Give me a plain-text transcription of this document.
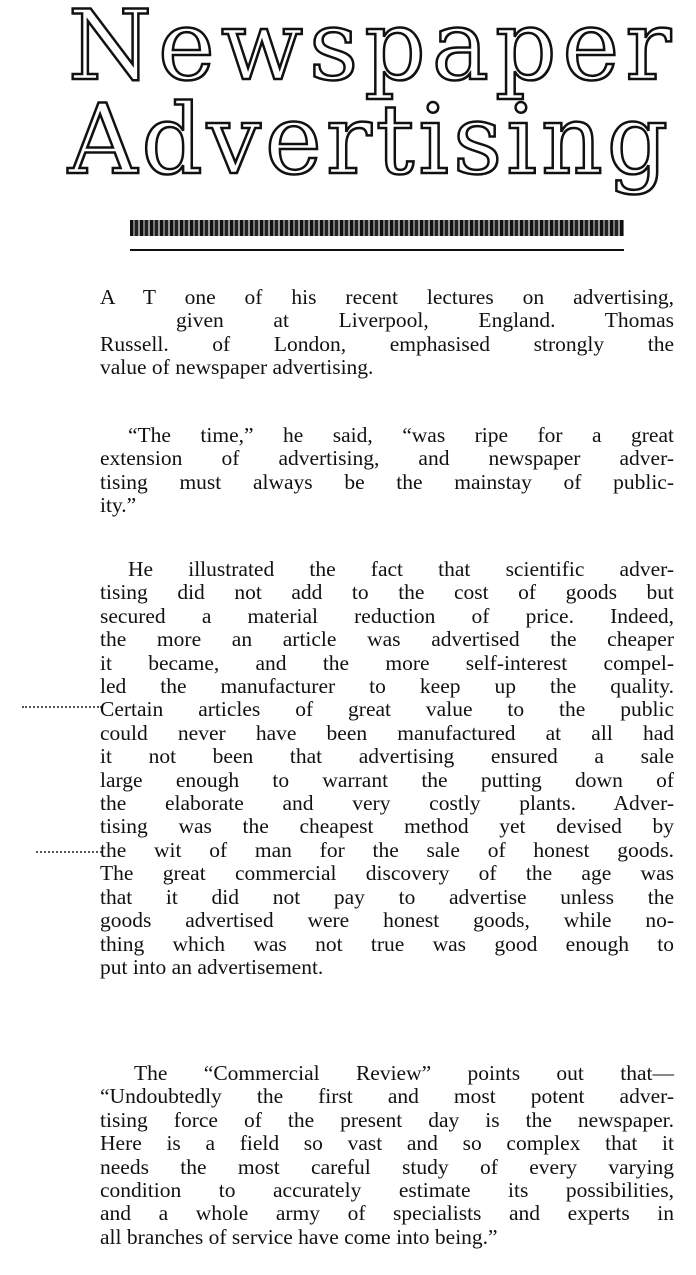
Newspaper
Advertising
A T one of his recent lectures on advertising,
given at Liverpool, England. Thomas
Russell. of London, emphasised strongly the
value of newspaper advertising.
“The time,” he said, “was ripe for a great
extension of advertising, and newspaper adver-
tising must always be the mainstay of public-
ity.”
He illustrated the fact that scientific adver-
tising did not add to the cost of goods but
secured a material reduction of price. Indeed,
the more an article was advertised the cheaper
it became, and the more self-interest compel-
led the manufacturer to keep up the quality.
Certain articles of great value to the public
could never have been manufactured at all had
it not been that advertising ensured a sale
large enough to warrant the putting down of
the elaborate and very costly plants. Adver-
tising was the cheapest method yet devised by
the wit of man for the sale of honest goods.
The great commercial discovery of the age was
that it did not pay to advertise unless the
goods advertised were honest goods, while no-
thing which was not true was good enough to
put into an advertisement.
The “Commercial Review” points out that—
“Undoubtedly the first and most potent adver-
tising force of the present day is the newspaper.
Here is a field so vast and so complex that it
needs the most careful study of every varying
condition to accurately estimate its possibilities,
and a whole army of specialists and experts in
all branches of service have come into being.”
